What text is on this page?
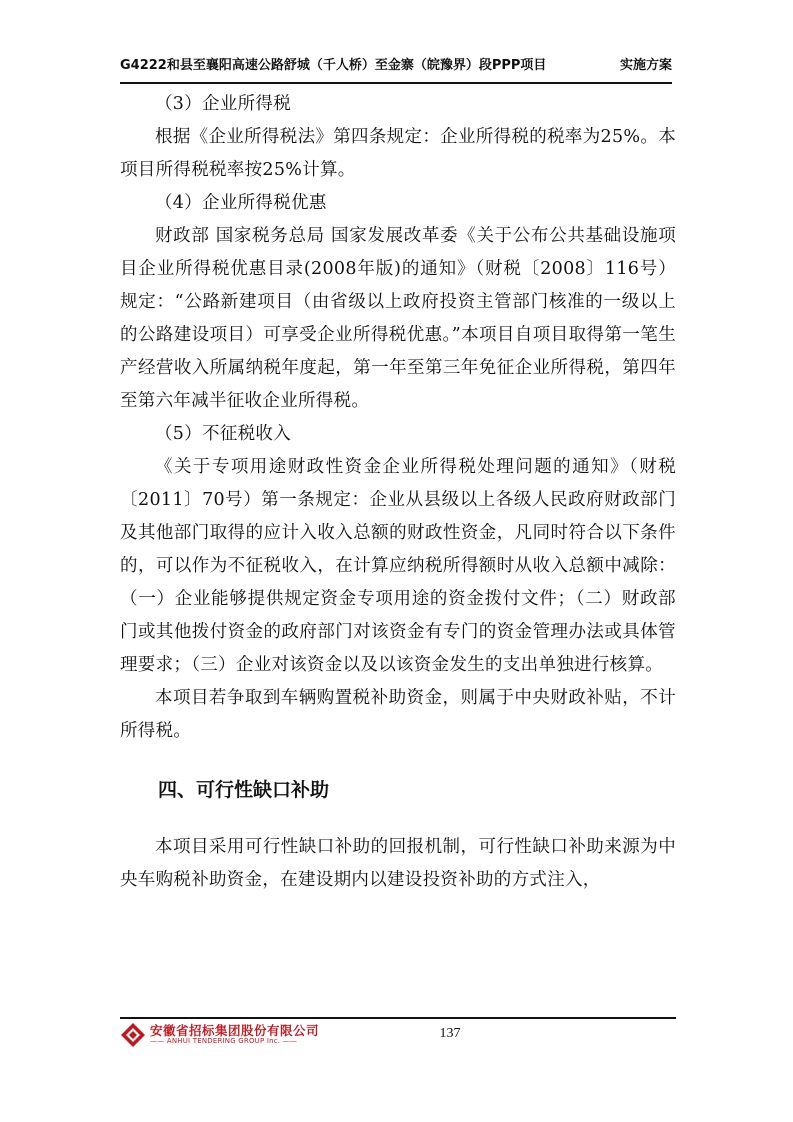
G4222和县至襄阳高速公路舒城（千人桥）至金寨（皖豫界）段PPP项目	实施方案

（3）企业所得税

根据《企业所得税法》第四条规定：企业所得税的税率为25%。本项目所得税税率按25%计算。

（4）企业所得税优惠

财政部 国家税务总局 国家发展改革委《关于公布公共基础设施项目企业所得税优惠目录(2008年版)的通知》（财税〔2008〕116号）规定：“公路新建项目（由省级以上政府投资主管部门核准的一级以上的公路建设项目）可享受企业所得税优惠。”本项目自项目取得第一笔生产经营收入所属纳税年度起，第一年至第三年免征企业所得税，第四年至第六年减半征收企业所得税。

（5）不征税收入

《关于专项用途财政性资金企业所得税处理问题的通知》（财税〔2011〕70号）第一条规定：企业从县级以上各级人民政府财政部门及其他部门取得的应计入收入总额的财政性资金，凡同时符合以下条件的，可以作为不征税收入，在计算应纳税所得额时从收入总额中减除：（一）企业能够提供规定资金专项用途的资金拨付文件；（二）财政部门或其他拨付资金的政府部门对该资金有专门的资金管理办法或具体管理要求；（三）企业对该资金以及以该资金发生的支出单独进行核算。

本项目若争取到车辆购置税补助资金，则属于中央财政补贴，不计所得税。

四、可行性缺口补助

本项目采用可行性缺口补助的回报机制，可行性缺口补助来源为中央车购税补助资金，在建设期内以建设投资补助的方式注入，

安徽省招标集团股份有限公司
—— ANHUI TENDERING GROUP Inc. ——	137
